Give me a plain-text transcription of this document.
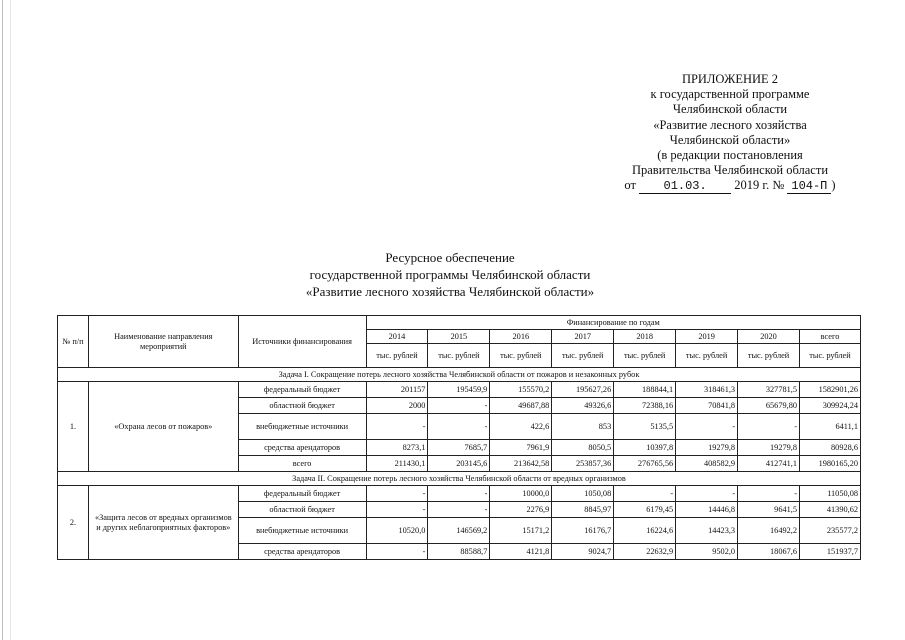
ПРИЛОЖЕНИЕ 2
к государственной программе
Челябинской области
«Развитие лесного хозяйства
Челябинской области»
(в редакции постановления
Правительства Челябинской области
от 01.03. 2019 г. № 104-П )
Ресурсное обеспечение
государственной программы Челябинской области
«Развитие лесного хозяйства Челябинской области»
№ п/п	Наименование направления мероприятий	Источники финансирования	Финансирование по годам							
			2014	2015	2016	2017	2018	2019	2020	всего
			тыс. рублей	тыс. рублей	тыс. рублей	тыс. рублей	тыс. рублей	тыс. рублей	тыс. рублей	тыс. рублей
Задача I. Сокращение потерь лесного хозяйства Челябинской области от пожаров и незаконных рубок										
1.	«Охрана лесов от пожаров»	федеральный бюджет	201157	195459,9	155570,2	195627,26	188844,1	318461,3	327781,5	1582901,26
		областной бюджет	2000	-	49687,88	49326,6	72388,16	70841,8	65679,80	309924,24
		внебюджетные источники	-	-	422,6	853	5135,5	-	-	6411,1
		средства арендаторов	8273,1	7685,7	7961,9	8050,5	10397,8	19279,8	19279,8	80928,6
		всего	211430,1	203145,6	213642,58	253857,36	276765,56	408582,9	412741,1	1980165,20
Задача II. Сокращение потерь лесного хозяйства Челябинской области от вредных организмов										
2.	«Защита лесов от вредных организмов и других неблагоприятных факторов»	федеральный бюджет	-	-	10000,0	1050,08	-	-	-	11050,08
		областной бюджет	-	-	2276,9	8845,97	6179,45	14446,8	9641,5	41390,62
		внебюджетные источники	10520,0	146569,2	15171,2	16176,7	16224,6	14423,3	16492,2	235577,2
		средства арендаторов	-	88588,7	4121,8	9024,7	22632,9	9502,0	18067,6	151937,7
